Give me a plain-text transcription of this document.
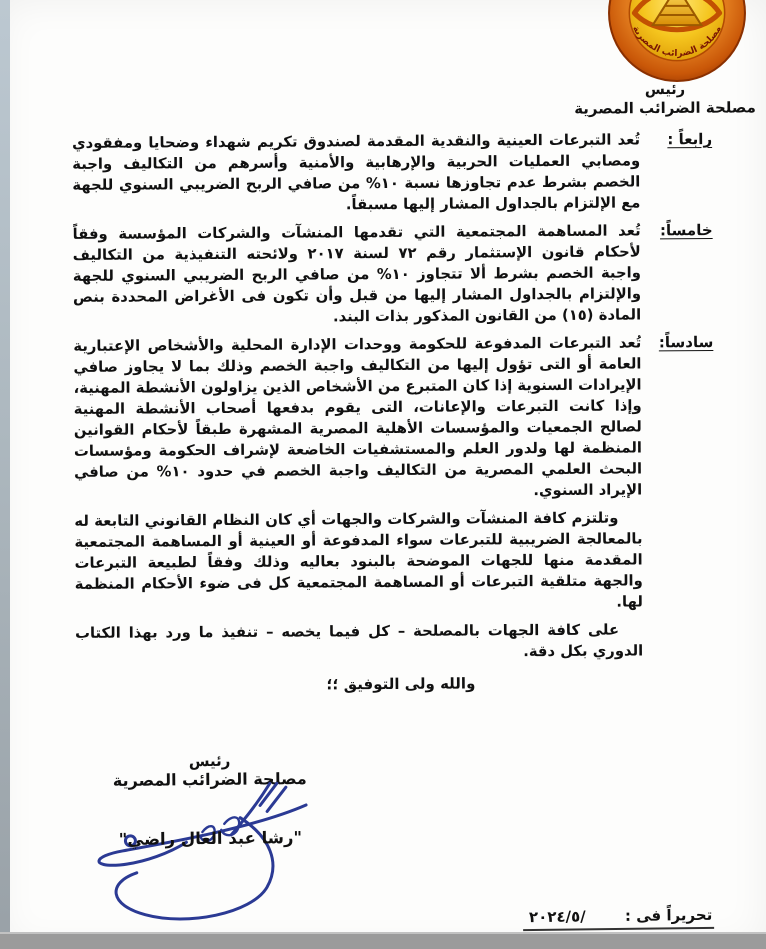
مصلحة الضرائب المصرية
رئيس
مصلحة الضرائب المصرية
رابعاً :
تُعد التبرعات العينية والنقدية المقدمة لصندوق تكريم شهداء وضحايا ومفقودي ومصابي العمليات الحربية والإرهابية والأمنية وأسرهم من التكاليف واجبة الخصم بشرط عدم تجاوزها نسبة ١٠% من صافي الربح الضريبي السنوي للجهة مع الإلتزام بالجداول المشار إليها مسبقاً.
خامساً:
تُعد المساهمة المجتمعية التي تقدمها المنشآت والشركات المؤسسة وفقاً لأحكام قانون الإستثمار رقم ٧٢ لسنة ٢٠١٧ ولائحته التنفيذية من التكاليف واجبة الخصم بشرط ألا تتجاوز ١٠% من صافي الربح الضريبي السنوي للجهة والإلتزام بالجداول المشار إليها من قبل وأن تكون فى الأغراض المحددة بنص المادة (١٥) من القانون المذكور بذات البند.
سادساً:
تُعد التبرعات المدفوعة للحكومة ووحدات الإدارة المحلية والأشخاص الإعتبارية العامة أو التى تؤول إليها من التكاليف واجبة الخصم وذلك بما لا يجاوز صافي الإيرادات السنوية إذا كان المتبرع من الأشخاص الذين يزاولون الأنشطة المهنية، وإذا كانت التبرعات والإعانات، التى يقوم بدفعها أصحاب الأنشطة المهنية لصالح الجمعيات والمؤسسات الأهلية المصرية المشهرة طبقاً لأحكام القوانين المنظمة لها ولدور العلم والمستشفيات الخاضعة لإشراف الحكومة ومؤسسات البحث العلمي المصرية من التكاليف واجبة الخصم في حدود ١٠% من صافي الإيراد السنوي.

وتلتزم كافة المنشآت والشركات والجهات أي كان النظام القانوني التابعة له بالمعالجة الضريبية للتبرعات سواء المدفوعة أو العينية أو المساهمة المجتمعية المقدمة منها للجهات الموضحة بالبنود بعاليه وذلك وفقاً لطبيعة التبرعات والجهة متلقية التبرعات أو المساهمة المجتمعية كل فى ضوء الأحكام المنظمة لها.

على كافة الجهات بالمصلحة – كل فيما يخصه – تنفيذ ما ورد بهذا الكتاب الدوري بكل دقة.

والله ولى التوفيق ؛؛
رئيس
مصلحة الضرائب المصرية
"رشا عبد العال راضي"
تحريراً فى : ٢٠٢٤/٥/
